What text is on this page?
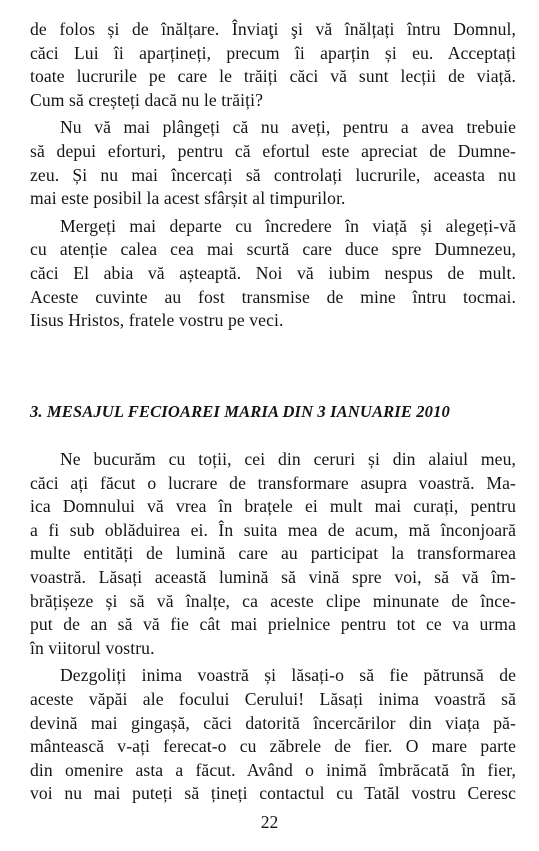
de folos și de înălțare. Înviaţi şi vă înălțați întru Domnul,
căci Lui îi aparțineți, precum îi aparțin și eu. Acceptați
toate lucrurile pe care le trăiți căci vă sunt lecții de viață.
Cum să creșteți dacă nu le trăiți?
Nu vă mai plângeți că nu aveți, pentru a avea trebuie
să depui eforturi, pentru că efortul este apreciat de Dumne-
zeu. Și nu mai încercați să controlați lucrurile, aceasta nu
mai este posibil la acest sfârșit al timpurilor.
Mergeți mai departe cu încredere în viață și alegeți-vă
cu atenție calea cea mai scurtă care duce spre Dumnezeu,
căci El abia vă așteaptă. Noi vă iubim nespus de mult.
Aceste cuvinte au fost transmise de mine întru tocmai.
Iisus Hristos, fratele vostru pe veci.
3. MESAJUL FECIOAREI MARIA DIN 3 IANUARIE 2010
Ne bucurăm cu toții, cei din ceruri și din alaiul meu,
căci ați făcut o lucrare de transformare asupra voastră. Ma-
ica Domnului vă vrea în brațele ei mult mai curați, pentru
a fi sub oblăduirea ei. În suita mea de acum, mă înconjoară
multe entități de lumină care au participat la transformarea
voastră. Lăsați această lumină să vină spre voi, să vă îm-
brățișeze și să vă înalțe, ca aceste clipe minunate de înce-
put de an să vă fie cât mai prielnice pentru tot ce va urma
în viitorul vostru.
Dezgoliți inima voastră și lăsați-o să fie pătrunsă de
aceste văpăi ale focului Cerului! Lăsați inima voastră să
devină mai gingașă, căci datorită încercărilor din viața pă-
mântească v-ați ferecat-o cu zăbrele de fier. O mare parte
din omenire asta a făcut. Având o inimă îmbrăcată în fier,
voi nu mai puteți să țineți contactul cu Tatăl vostru Ceresc
22
